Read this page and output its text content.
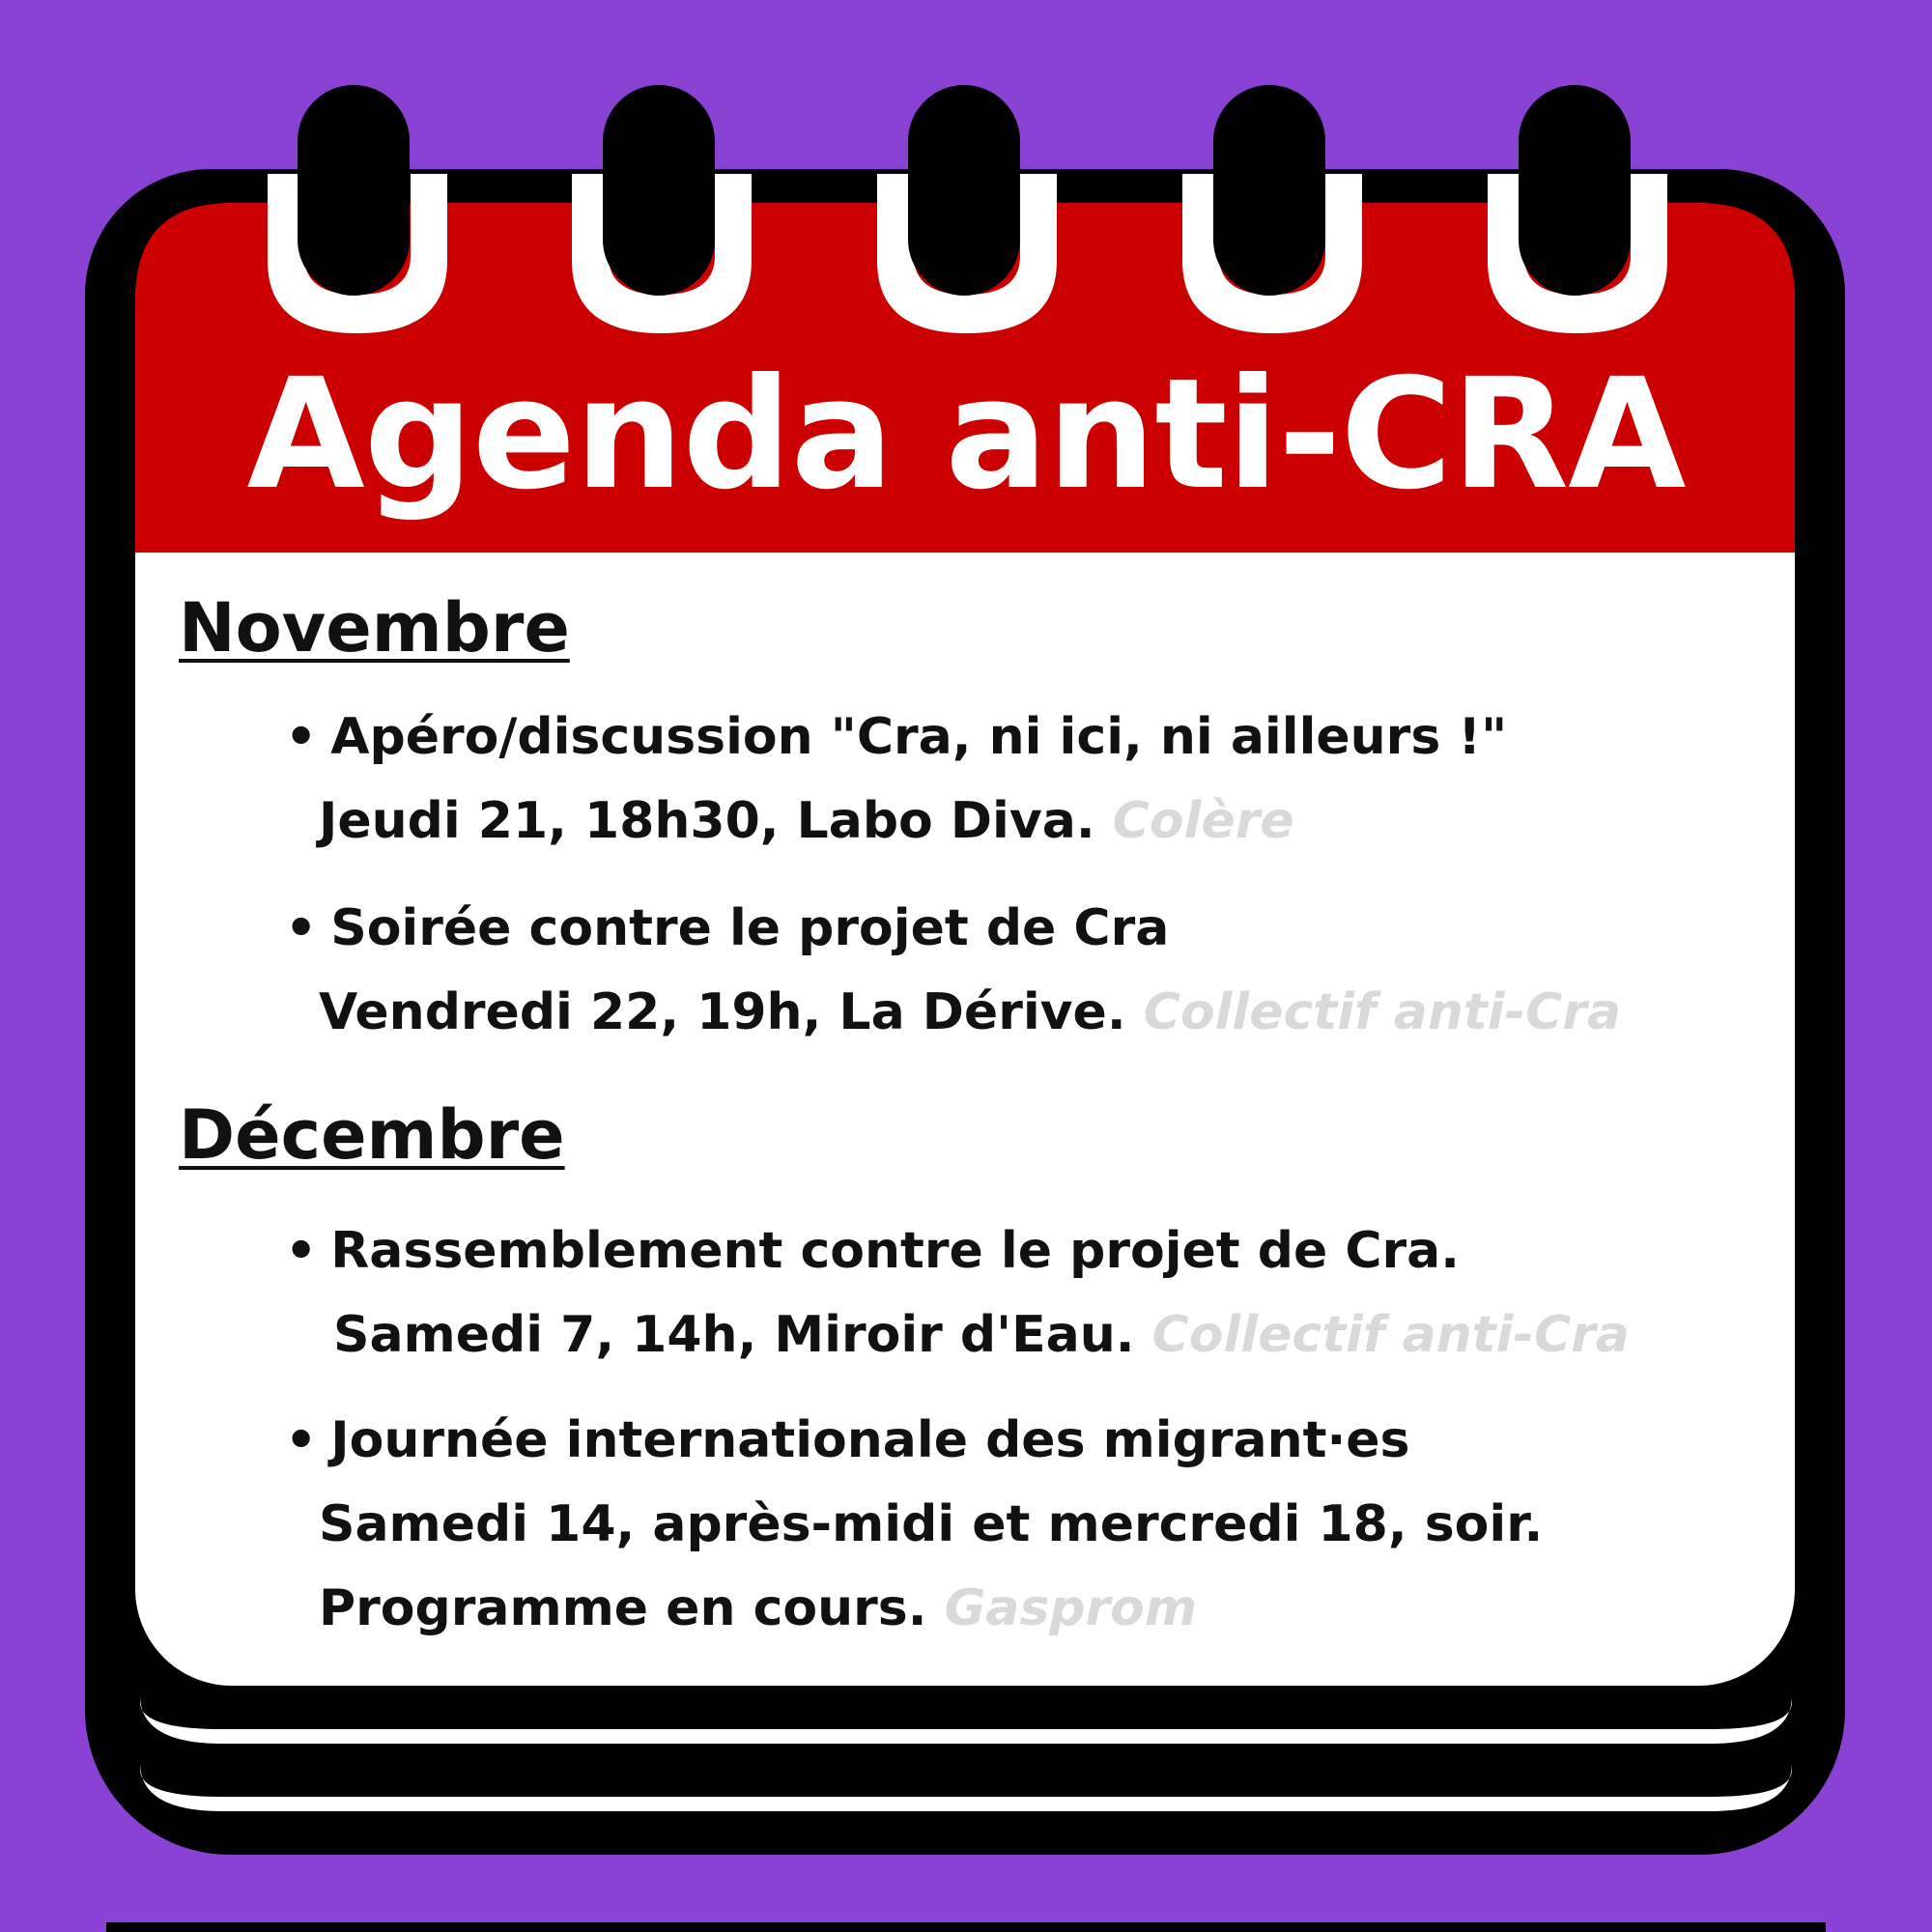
Agenda anti-CRA
Novembre
• Apéro/discussion "Cra, ni ici, ni ailleurs !"
Jeudi 21, 18h30, Labo Diva. Colère
• Soirée contre le projet de Cra
Vendredi 22, 19h, La Dérive. Collectif anti-Cra
Décembre
• Rassemblement contre le projet de Cra.
Samedi 7, 14h, Miroir d'Eau. Collectif anti-Cra
• Journée internationale des migrant·es
Samedi 14, après-midi et mercredi 18, soir.
Programme en cours. Gasprom
